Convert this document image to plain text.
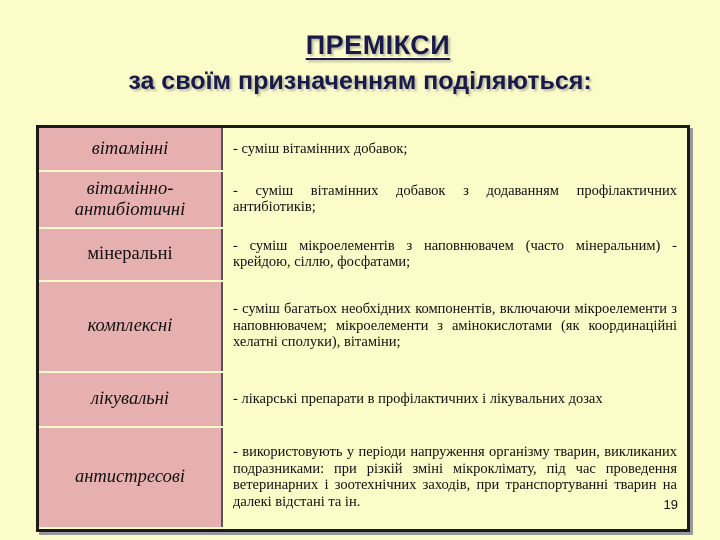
ПРЕМІКСИ
за своїм призначенням поділяються:
вітамінні	- суміш вітамінних добавок;
вітамінно-антибіотичні	- суміш вітамінних добавок з додаванням профілактичних антибіотиків;
мінеральні	- суміш мікроелементів з наповнювачем (часто мінеральним) - крейдою, сіллю, фосфатами;
комплексні	- суміш багатьох необхідних компонентів, включаючи мікроелементи з наповнювачем; мікроелементи з амінокислотами (як координаційні хелатні сполуки), вітаміни;
лікувальні	- лікарські препарати в профілактичних і лікувальних дозах
антистресові	- використовують у періоди напруження організму тварин, викликаних подразниками: при різкій зміні мікроклімату, під час проведення ветеринарних і зоотехнічних заходів, при транспортуванні тварин на далекі відстані та ін.	19
